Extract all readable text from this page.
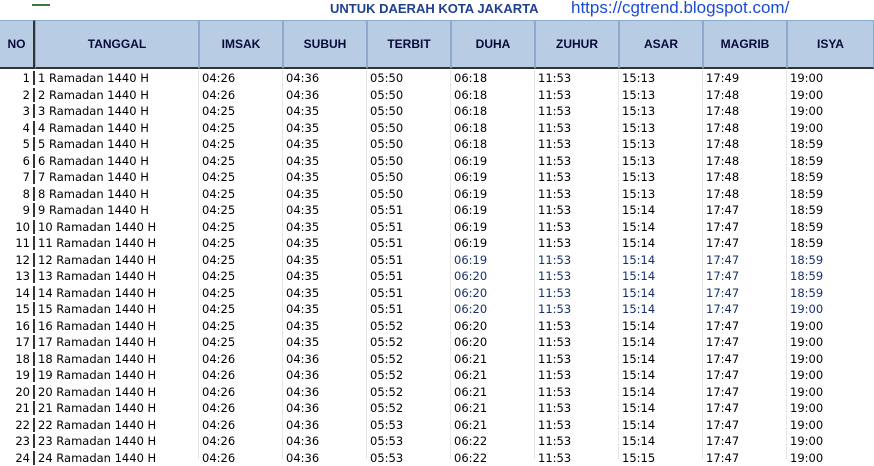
UNTUK DAERAH KOTA JAKARTA https://cgtrend.blogspot.com/
NO	TANGGAL	IMSAK	SUBUH	TERBIT	DUHA	ZUHUR	ASAR	MAGRIB	ISYA
1 1 Ramadan 1440 H	04:26	04:36	05:50	06:18	11:53	15:13	17:49	19:00
2 2 Ramadan 1440 H	04:26	04:36	05:50	06:18	11:53	15:13	17:48	19:00
3 3 Ramadan 1440 H	04:25	04:35	05:50	06:18	11:53	15:13	17:48	19:00
4 4 Ramadan 1440 H	04:25	04:35	05:50	06:18	11:53	15:13	17:48	19:00
5 5 Ramadan 1440 H	04:25	04:35	05:50	06:18	11:53	15:13	17:48	18:59
6 6 Ramadan 1440 H	04:25	04:35	05:50	06:19	11:53	15:13	17:48	18:59
7 7 Ramadan 1440 H	04:25	04:35	05:50	06:19	11:53	15:13	17:48	18:59
8 8 Ramadan 1440 H	04:25	04:35	05:50	06:19	11:53	15:13	17:48	18:59
9 9 Ramadan 1440 H	04:25	04:35	05:51	06:19	11:53	15:14	17:47	18:59
10 10 Ramadan 1440 H	04:25	04:35	05:51	06:19	11:53	15:14	17:47	18:59
11 11 Ramadan 1440 H	04:25	04:35	05:51	06:19	11:53	15:14	17:47	18:59
12 12 Ramadan 1440 H	04:25	04:35	05:51	06:19	11:53	15:14	17:47	18:59
13 13 Ramadan 1440 H	04:25	04:35	05:51	06:20	11:53	15:14	17:47	18:59
14 14 Ramadan 1440 H	04:25	04:35	05:51	06:20	11:53	15:14	17:47	18:59
15 15 Ramadan 1440 H	04:25	04:35	05:51	06:20	11:53	15:14	17:47	19:00
16 16 Ramadan 1440 H	04:25	04:35	05:52	06:20	11:53	15:14	17:47	19:00
17 17 Ramadan 1440 H	04:25	04:35	05:52	06:20	11:53	15:14	17:47	19:00
18 18 Ramadan 1440 H	04:26	04:36	05:52	06:21	11:53	15:14	17:47	19:00
19 19 Ramadan 1440 H	04:26	04:36	05:52	06:21	11:53	15:14	17:47	19:00
20 20 Ramadan 1440 H	04:26	04:36	05:52	06:21	11:53	15:14	17:47	19:00
21 21 Ramadan 1440 H	04:26	04:36	05:52	06:21	11:53	15:14	17:47	19:00
22 22 Ramadan 1440 H	04:26	04:36	05:53	06:21	11:53	15:14	17:47	19:00
23 23 Ramadan 1440 H	04:26	04:36	05:53	06:22	11:53	15:14	17:47	19:00
24 24 Ramadan 1440 H	04:26	04:36	05:53	06:22	11:53	15:15	17:47	19:00
